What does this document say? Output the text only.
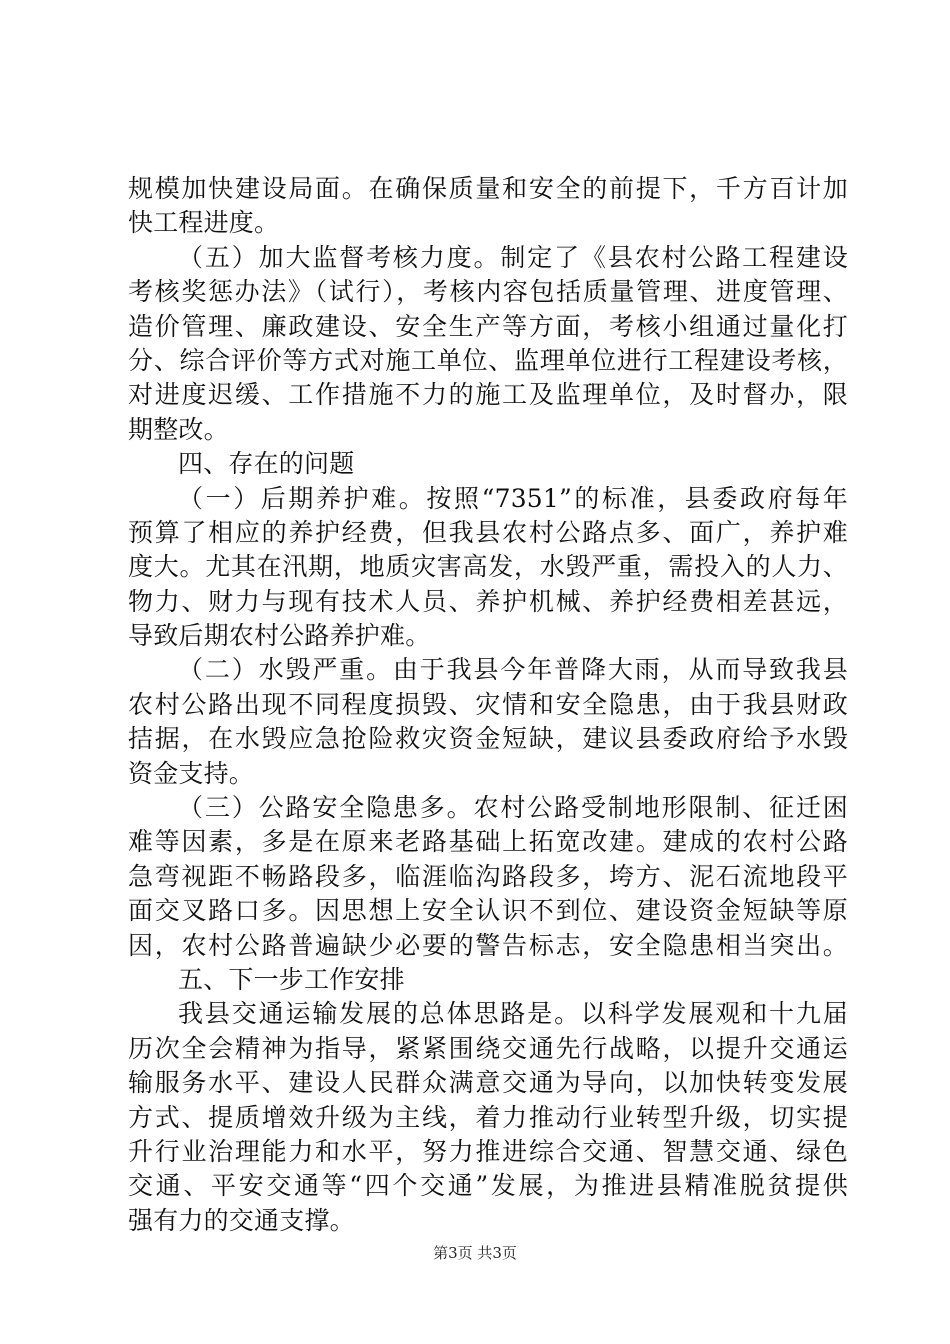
规模加快建设局面。在确保质量和安全的前提下，千方百计加
快工程进度。
（五）加大监督考核力度。制定了《县农村公路工程建设
考核奖惩办法》（试行），考核内容包括质量管理、进度管理、
造价管理、廉政建设、安全生产等方面，考核小组通过量化打
分、综合评价等方式对施工单位、监理单位进行工程建设考核，
对进度迟缓、工作措施不力的施工及监理单位，及时督办，限
期整改。
四、存在的问题
（一）后期养护难。按照“7351”的标准，县委政府每年
预算了相应的养护经费，但我县农村公路点多、面广，养护难
度大。尤其在汛期，地质灾害高发，水毁严重，需投入的人力、
物力、财力与现有技术人员、养护机械、养护经费相差甚远，
导致后期农村公路养护难。
（二）水毁严重。由于我县今年普降大雨，从而导致我县
农村公路出现不同程度损毁、灾情和安全隐患，由于我县财政
拮据，在水毁应急抢险救灾资金短缺，建议县委政府给予水毁
资金支持。
（三）公路安全隐患多。农村公路受制地形限制、征迁困
难等因素，多是在原来老路基础上拓宽改建。建成的农村公路
急弯视距不畅路段多，临涯临沟路段多，垮方、泥石流地段平
面交叉路口多。因思想上安全认识不到位、建设资金短缺等原
因，农村公路普遍缺少必要的警告标志，安全隐患相当突出。
五、下一步工作安排
我县交通运输发展的总体思路是。以科学发展观和十九届
历次全会精神为指导，紧紧围绕交通先行战略，以提升交通运
输服务水平、建设人民群众满意交通为导向，以加快转变发展
方式、提质增效升级为主线，着力推动行业转型升级，切实提
升行业治理能力和水平，努力推进综合交通、智慧交通、绿色
交通、平安交通等“四个交通”发展，为推进县精准脱贫提供
强有力的交通支撑。
第3页 共3页
